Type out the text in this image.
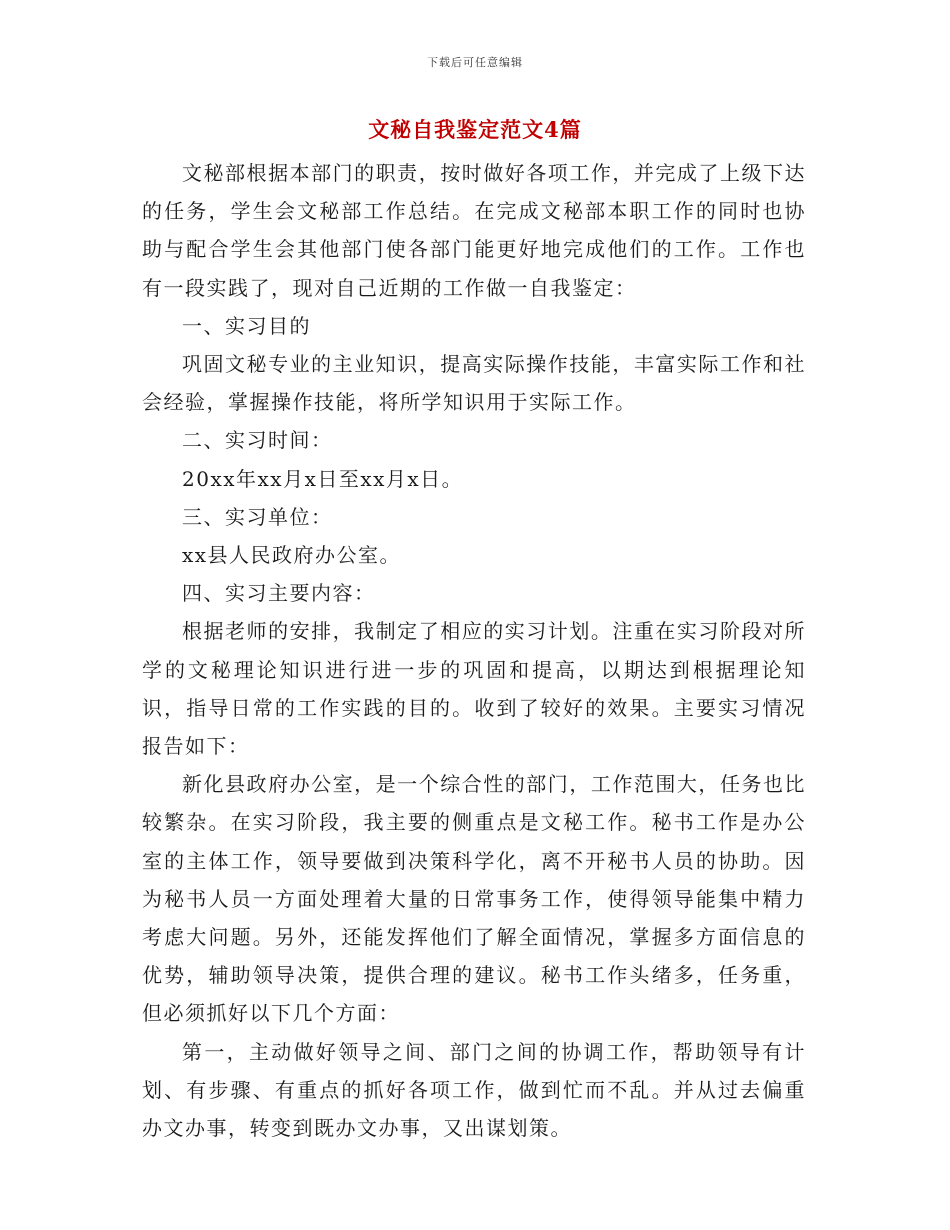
下载后可任意编辑
文秘自我鉴定范文4篇

文秘部根据本部门的职责，按时做好各项工作，并完成了上级下达的任务，学生会文秘部工作总结。在完成文秘部本职工作的同时也协助与配合学生会其他部门使各部门能更好地完成他们的工作。工作也有一段实践了，现对自己近期的工作做一自我鉴定：

一、实习目的

巩固文秘专业的主业知识，提高实际操作技能，丰富实际工作和社会经验，掌握操作技能，将所学知识用于实际工作。

二、实习时间：

20xx年xx月x日至xx月x日。

三、实习单位：

xx县人民政府办公室。

四、实习主要内容：

根据老师的安排，我制定了相应的实习计划。注重在实习阶段对所学的文秘理论知识进行进一步的巩固和提高，以期达到根据理论知识，指导日常的工作实践的目的。收到了较好的效果。主要实习情况报告如下：

新化县政府办公室，是一个综合性的部门，工作范围大，任务也比较繁杂。在实习阶段，我主要的侧重点是文秘工作。秘书工作是办公室的主体工作，领导要做到决策科学化，离不开秘书人员的协助。因为秘书人员一方面处理着大量的日常事务工作，使得领导能集中精力考虑大问题。另外，还能发挥他们了解全面情况，掌握多方面信息的优势，辅助领导决策，提供合理的建议。秘书工作头绪多，任务重，但必须抓好以下几个方面：

第一，主动做好领导之间、部门之间的协调工作，帮助领导有计划、有步骤、有重点的抓好各项工作，做到忙而不乱。并从过去偏重办文办事，转变到既办文办事，又出谋划策。
